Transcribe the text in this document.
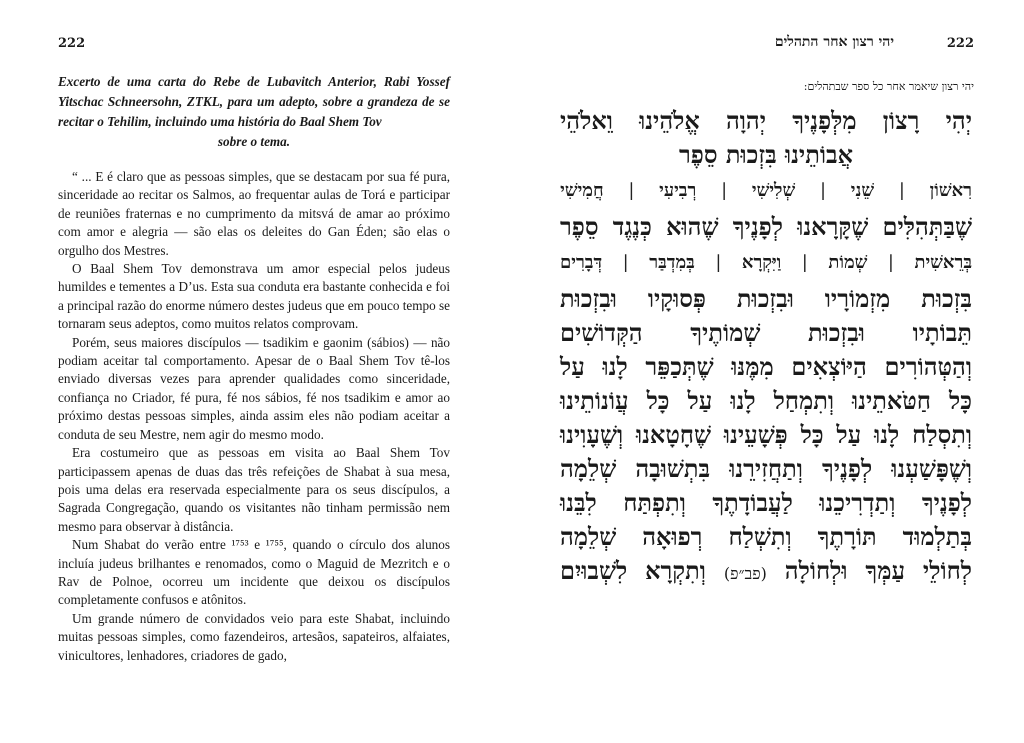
222
Excerto de uma carta do Rebe de Lubavitch Anterior, Rabi Yossef Yitschac Schneersohn, ZTKL, para um adepto, sobre a grandeza de se recitar o Tehilim, incluindo uma história do Baal Shem Tov
sobre o tema.

“ ... E é claro que as pessoas simples, que se destacam por sua fé pura, sinceridade ao recitar os Salmos, ao frequentar aulas de Torá e participar de reuniões fraternas e no cumprimento da mitsvá de amar ao próximo com amor e alegria — são elas os deleites do Gan Éden; são elas o orgulho dos Mestres.

O Baal Shem Tov demonstrava um amor especial pelos judeus humildes e tementes a D’us. Esta sua conduta era bastante conhecida e foi a principal razão do enorme número destes judeus que em pouco tempo se tornaram seus adeptos, como muitos relatos comprovam.

Porém, seus maiores discípulos — tsadikim e gaonim (sábios) — não podiam aceitar tal comportamento. Apesar de o Baal Shem Tov tê-los enviado diversas vezes para aprender qualidades como sinceridade, confiança no Criador, fé pura, fé nos sábios, fé nos tsadikim e amor ao próximo destas pessoas simples, ainda assim eles não podiam aceitar a conduta de seu Mestre, nem agir do mesmo modo.

Era costumeiro que as pessoas em visita ao Baal Shem Tov participassem apenas de duas das três refeições de Shabat à sua mesa, pois uma delas era reservada especialmente para os seus discípulos, a Sagrada Congregação, quando os visitantes não tinham permissão nem mesmo para observar à distância.

Num Shabat do verão entre ¹⁷⁵³ e ¹⁷⁵⁵, quando o círculo dos alunos incluía judeus brilhantes e renomados, como o Maguid de Mezritch e o Rav de Polnoe, ocorreu um incidente que deixou os discípulos completamente confusos e atônitos.

Um grande número de convidados veio para este Shabat, incluindo muitas pessoas simples, como fazendeiros, artesãos, sapateiros, alfaiates, vinicultores, lenhadores, criadores de gado,

222
יהי רצון אחר התהלים
יהי רצון שיאמר אחר כל ספר שבתהלים:
יְהִי רָצוֹן מִלְּפָנֶיךָ יְהוָה אֱלֹהֵינוּ וֵאלֹהֵי
אֲבוֹתֵינוּ בִּזְכוּת סֵפֶר
רִאשׁוֹן
|
שֵׁנִי
|
שְׁלִישִׁי
|
רְבִיעִי
|
חֲמִישִׁי
שֶׁבַּתְּהִלִּים שֶׁקָּרָאנוּ לְפָנֶיךָ שֶׁהוּא כְּנֶגֶד סֵפֶר
בְּרֵאשִׁית
|
שְׁמוֹת
|
וַיִּקְרָא
|
בְּמִדְבַּר
|
דְּבָרִים
בִּזְכוּת מִזְמוֹרָיו וּבִזְכוּת פְּסוּקָיו וּבִזְכוּת
תֵּבוֹתָיו וּבִזְכוּת שְׁמוֹתֶיךָ הַקְּדוֹשִׁים
וְהַטְּהוֹרִים הַיּוֹצְאִים מִמֶּנּוּ שֶׁתְּכַפֵּר לָנוּ עַל
כָּל חַטֹּאתֵינוּ וְתִמְחַל לָנוּ עַל כָּל עֲוֹנוֹתֵינוּ
וְתִסְלַח לָנוּ עַל כָּל פְּשָׁעֵינוּ שֶׁחָטָאנוּ וְשֶׁעָוִינוּ
וְשֶׁפָּשַׁעְנוּ לְפָנֶיךָ וְתַחֲזִירֵנוּ בִּתְשׁוּבָה שְׁלֵמָה
לְפָנֶיךָ וְתַדְרִיכֵנוּ לַעֲבוֹדָתֶךָ וְתִפְתַּח לִבֵּנוּ
בְּתַלְמוּד תּוֹרָתֶךָ וְתִשְׁלַח רְפוּאָה שְׁלֵמָה
לְחוֹלֵי עַמְּךָ וּלְחוֹלָה (פב״פ) וְתִקְרָא לִשְׁבוּיִם
